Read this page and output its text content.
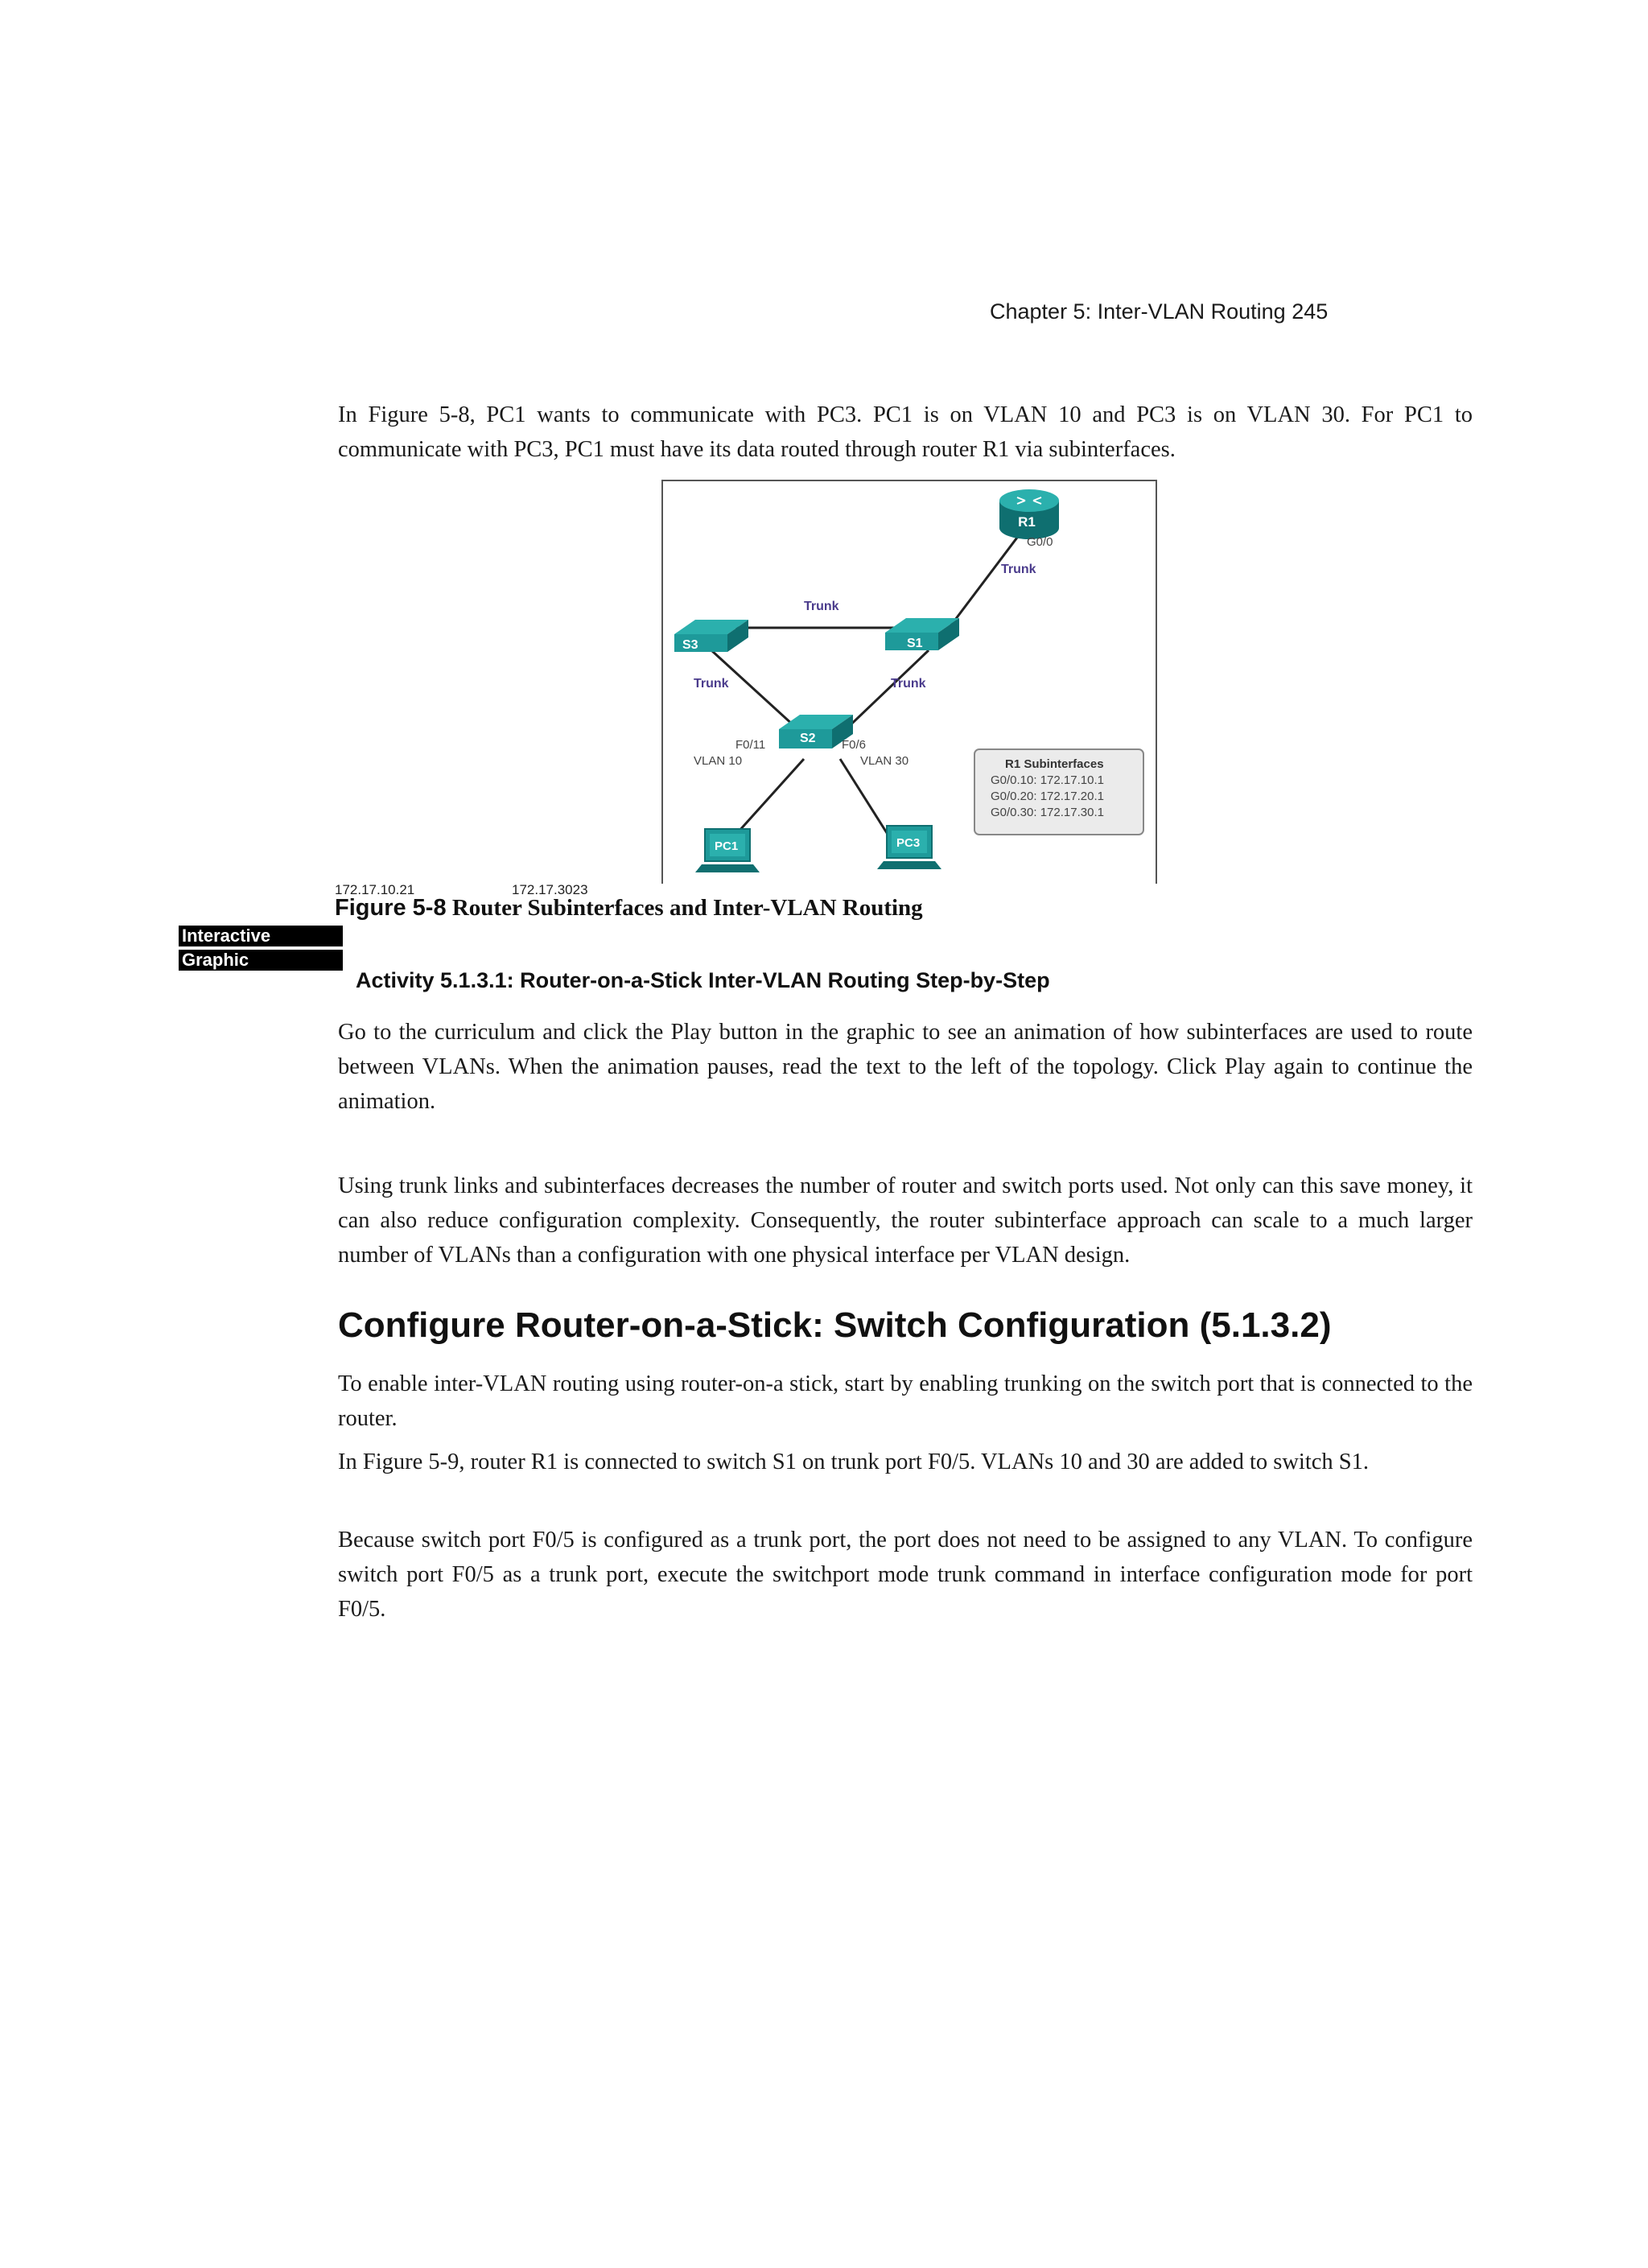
Chapter 5: Inter-VLAN Routing 245

In Figure 5-8, PC1 wants to communicate with PC3. PC1 is on VLAN 10 and PC3 is on VLAN 30. For PC1 to communicate with PC3, PC1 must have its data routed through router R1 via subinterfaces.

R1
G0/0
Trunk
S3
Trunk
S1
Trunk	Trunk
S2
F0/11
VLAN 10
F0/6
VLAN 30	R1 Subinterfaces
G0/0.10: 172.17.10.1
G0/0.20: 172.17.20.1
G0/0.30: 172.17.30.1
PC1	PC3
172.17.10.21	172.17.3023
Figure 5-8 Router Subinterfaces and Inter-VLAN Routing
Interactive
Graphic
Activity 5.1.3.1: Router-on-a-Stick Inter-VLAN Routing Step-by-Step

Go to the curriculum and click the Play button in the graphic to see an animation of how subinterfaces are used to route between VLANs. When the animation pauses, read the text to the left of the topology. Click Play again to continue the animation.

Using trunk links and subinterfaces decreases the number of router and switch ports used. Not only can this save money, it can also reduce configuration complexity. Consequently, the router subinterface approach can scale to a much larger number of VLANs than a configuration with one physical interface per VLAN design.

Configure Router-on-a-Stick: Switch Configuration (5.1.3.2)

To enable inter-VLAN routing using router-on-a stick, start by enabling trunking on the switch port that is connected to the router.

In Figure 5-9, router R1 is connected to switch S1 on trunk port F0/5. VLANs 10 and 30 are added to switch S1.

Because switch port F0/5 is configured as a trunk port, the port does not need to be assigned to any VLAN. To configure switch port F0/5 as a trunk port, execute the switchport mode trunk command in interface configuration mode for port F0/5.
